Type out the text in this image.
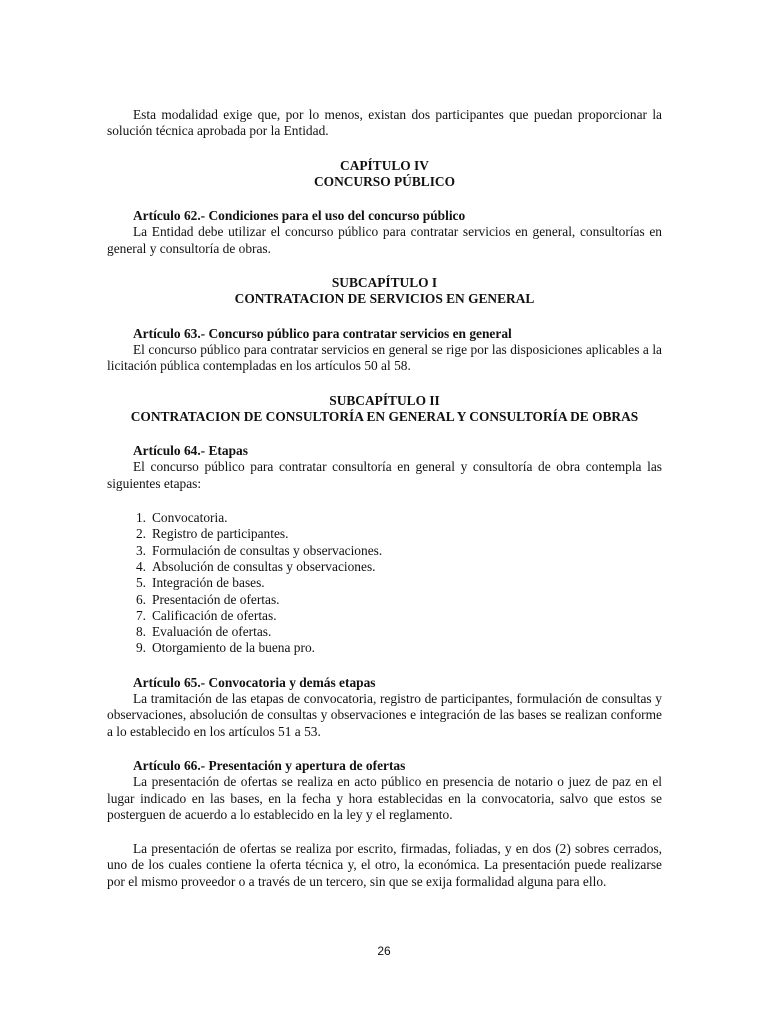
Esta modalidad exige que, por lo menos, existan dos participantes que puedan proporcionar la solución técnica aprobada por la Entidad.

CAPÍTULO IV
CONCURSO PÚBLICO
Artículo 62.- Condiciones para el uso del concurso público

La Entidad debe utilizar el concurso público para contratar servicios en general, consultorías en general y consultoría de obras.

SUBCAPÍTULO I
CONTRATACION DE SERVICIOS EN GENERAL
Artículo 63.- Concurso público para contratar servicios en general

El concurso público para contratar servicios en general se rige por las disposiciones aplicables a la licitación pública contempladas en los artículos 50 al 58.

SUBCAPÍTULO II
CONTRATACION DE CONSULTORÍA EN GENERAL Y CONSULTORÍA DE OBRAS
Artículo 64.- Etapas

El concurso público para contratar consultoría en general y consultoría de obra contempla las siguientes etapas:

1. Convocatoria.
2. Registro de participantes.
3. Formulación de consultas y observaciones.
4. Absolución de consultas y observaciones.
5. Integración de bases.
6. Presentación de ofertas.
7. Calificación de ofertas.
8. Evaluación de ofertas.
9. Otorgamiento de la buena pro.
Artículo 65.- Convocatoria y demás etapas

La tramitación de las etapas de convocatoria, registro de participantes, formulación de consultas y observaciones, absolución de consultas y observaciones e integración de las bases se realizan conforme a lo establecido en los artículos 51 a 53.

Artículo 66.- Presentación y apertura de ofertas

La presentación de ofertas se realiza en acto público en presencia de notario o juez de paz en el lugar indicado en las bases, en la fecha y hora establecidas en la convocatoria, salvo que estos se posterguen de acuerdo a lo establecido en la ley y el reglamento.

La presentación de ofertas se realiza por escrito, firmadas, foliadas, y en dos (2) sobres cerrados, uno de los cuales contiene la oferta técnica y, el otro, la económica. La presentación puede realizarse por el mismo proveedor o a través de un tercero, sin que se exija formalidad alguna para ello.

26
